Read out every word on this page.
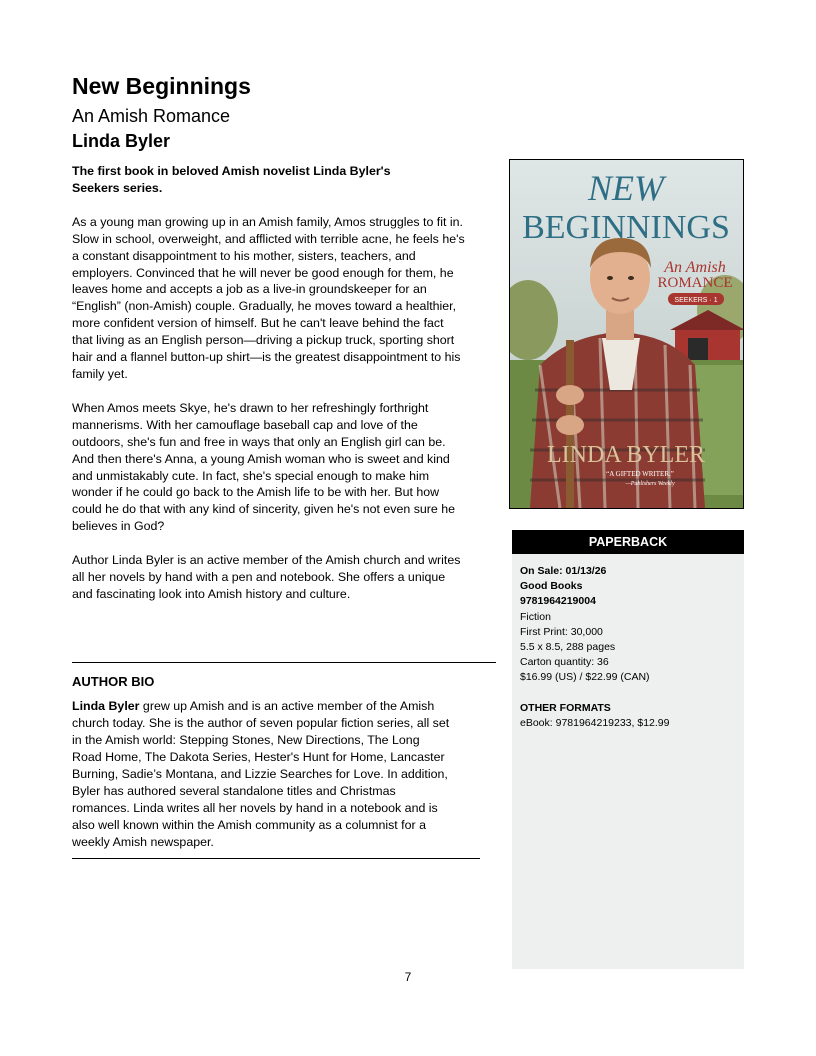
New Beginnings
An Amish Romance
Linda Byler

The first book in beloved Amish novelist Linda Byler's Seekers series.

As a young man growing up in an Amish family, Amos struggles to fit in. Slow in school, overweight, and afflicted with terrible acne, he feels he's a constant disappointment to his mother, sisters, teachers, and employers. Convinced that he will never be good enough for them, he leaves home and accepts a job as a live-in groundskeeper for an “English” (non-Amish) couple. Gradually, he moves toward a healthier, more confident version of himself. But he can't leave behind the fact that living as an English person—driving a pickup truck, sporting short hair and a flannel button-up shirt—is the greatest disappointment to his family yet.

When Amos meets Skye, he's drawn to her refreshingly forthright mannerisms. With her camouflage baseball cap and love of the outdoors, she's fun and free in ways that only an English girl can be. And then there's Anna, a young Amish woman who is sweet and kind and unmistakably cute. In fact, she's special enough to make him wonder if he could go back to the Amish life to be with her. But how could he do that with any kind of sincerity, given he's not even sure he believes in God?

Author Linda Byler is an active member of the Amish church and writes all her novels by hand with a pen and notebook. She offers a unique and fascinating look into Amish history and culture.

AUTHOR BIO

Linda Byler grew up Amish and is an active member of the Amish church today. She is the author of seven popular fiction series, all set in the Amish world: Stepping Stones, New Directions, The Long Road Home, The Dakota Series, Hester's Hunt for Home, Lancaster Burning, Sadie’s Montana, and Lizzie Searches for Love. In addition, Byler has authored several standalone titles and Christmas romances. Linda writes all her novels by hand in a notebook and is also well known within the Amish community as a columnist for a weekly Amish newspaper.

NEW
BEGINNINGS
An Amish
ROMANCE
SEEKERS · 1
LINDA BYLER
“A GIFTED WRITER.”
—Publishers Weekly
PAPERBACK
On Sale: 01/13/26
Good Books
9781964219004
Fiction
First Print: 30,000
5.5 x 8.5, 288 pages
Carton quantity: 36
$16.99 (US) / $22.99 (CAN)
OTHER FORMATS
eBook: 9781964219233, $12.99
7
